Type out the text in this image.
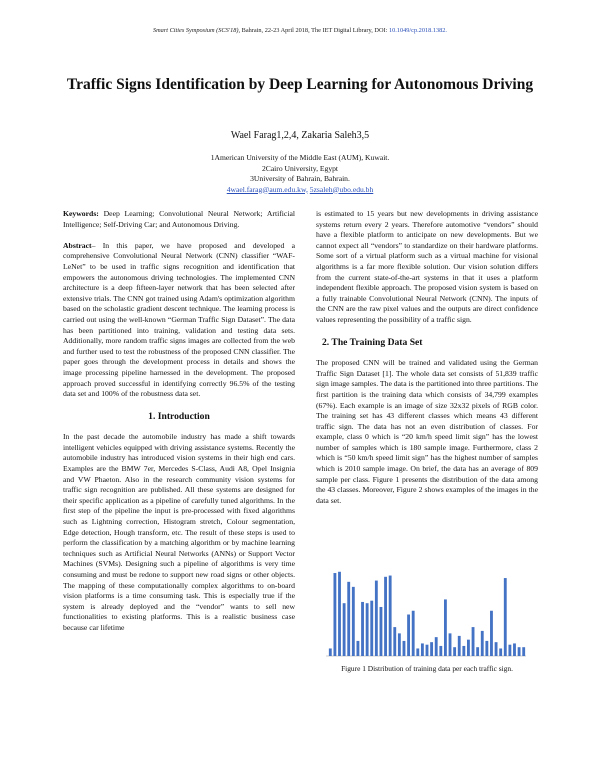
Smart Cities Symposium (SCS'18), Bahrain, 22-23 April 2018, The IET Digital Library, DOI: 10.1049/cp.2018.1382.
Traffic Signs Identification by Deep Learning for Autonomous Driving
Wael Farag1,2,4, Zakaria Saleh3,5
1American University of the Middle East (AUM), Kuwait.
2Cairo University, Egypt
3University of Bahrain, Bahrain.
4wael.farag@aum.edu.kw, 5zsaleh@ubo.edu.bh

Keywords: Deep Learning; Convolutional Neural Network; Artificial Intelligence; Self-Driving Car; and Autonomous Driving.

Abstract– In this paper, we have proposed and developed a comprehensive Convolutional Neural Network (CNN) classifier “WAF-LeNet” to be used in traffic signs recognition and identification that empowers the autonomous driving technologies. The implemented CNN architecture is a deep fifteen-layer network that has been selected after extensive trials. The CNN got trained using Adam's optimization algorithm based on the scholastic gradient descent technique. The learning process is carried out using the well-known “German Traffic Sign Dataset”. The data has been partitioned into training, validation and testing data sets. Additionally, more random traffic signs images are collected from the web and further used to test the robustness of the proposed CNN classifier. The paper goes through the development process in details and shows the image processing pipeline harnessed in the development. The proposed approach proved successful in identifying correctly 96.5% of the testing data set and 100% of the robustness data set.

1. Introduction

In the past decade the automobile industry has made a shift towards intelligent vehicles equipped with driving assistance systems. Recently the automobile industry has introduced vision systems in their high end cars. Examples are the BMW 7er, Mercedes S-Class, Audi A8, Opel Insignia and VW Phaeton. Also in the research community vision systems for traffic sign recognition are published. All these systems are designed for their specific application as a pipeline of carefully tuned algorithms. In the first step of the pipeline the input is pre-processed with fixed algorithms such as Lightning correction, Histogram stretch, Colour segmentation, Edge detection, Hough transform, etc. The result of these steps is used to perform the classification by a matching algorithm or by machine learning techniques such as Artificial Neural Networks (ANNs) or Support Vector Machines (SVMs). Designing such a pipeline of algorithms is very time consuming and must be redone to support new road signs or other objects. The mapping of these computationally complex algorithms to on-board vision platforms is a time consuming task. This is especially true if the system is already deployed and the “vendor” wants to sell new functionalities to existing platforms. This is a realistic business case because car lifetime

is estimated to 15 years but new developments in driving assistance systems return every 2 years. Therefore automotive “vendors” should have a flexible platform to anticipate on new developments. But we cannot expect all “vendors” to standardize on their hardware platforms. Some sort of a virtual platform such as a virtual machine for visional algorithms is a far more flexible solution. Our vision solution differs from the current state-of-the-art systems in that it uses a platform independent flexible approach. The proposed vision system is based on a fully trainable Convolutional Neural Network (CNN). The inputs of the CNN are the raw pixel values and the outputs are direct confidence values representing the possibility of a traffic sign.

2. The Training Data Set

The proposed CNN will be trained and validated using the German Traffic Sign Dataset [1]. The whole data set consists of 51,839 traffic sign image samples. The data is the partitioned into three partitions. The first partition is the training data which consists of 34,799 examples (67%). Each example is an image of size 32x32 pixels of RGB color. The training set has 43 different classes which means 43 different traffic sign. The data has not an even distribution of classes. For example, class 0 which is “20 km/h speed limit sign” has the lowest number of samples which is 180 sample image. Furthermore, class 2 which is “50 km/h speed limit sign” has the highest number of samples which is 2010 sample image. On brief, the data has an average of 809 sample per class. Figure 1 presents the distribution of the data among the 43 classes. Moreover, Figure 2 shows examples of the images in the data set.

Figure 1 Distribution of training data per each traffic sign.
